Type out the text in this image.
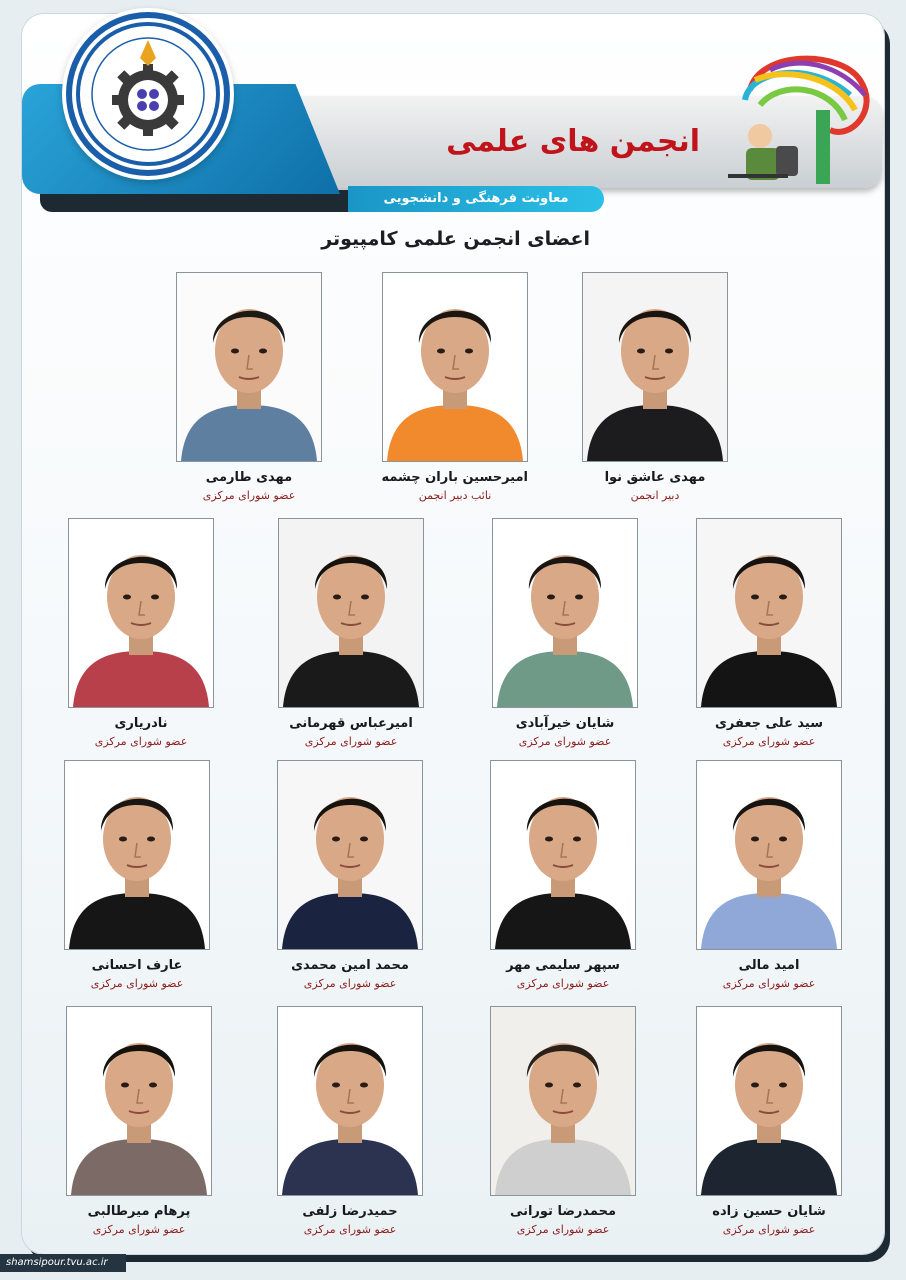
انجمن های علمی
معاونت فرهنگی و دانشجویی
اعضای انجمن علمی کامپیوتر
مهدی عاشق نوا
دبیر انجمن
امیرحسین باران چشمه
نائب دبیر انجمن
مهدی طارمی
عضو شورای مرکزی
سید علی جعفری
عضو شورای مرکزی
شایان خیرآبادی
عضو شورای مرکزی
امیرعباس قهرمانی
عضو شورای مرکزی
نادریاری
عضو شورای مرکزی
امید مالی
عضو شورای مرکزی
سپهر سلیمی مهر
عضو شورای مرکزی
محمد امین محمدی
عضو شورای مرکزی
عارف احسانی
عضو شورای مرکزی
شایان حسین زاده
عضو شورای مرکزی
محمدرضا تورانی
عضو شورای مرکزی
حمیدرضا زلفی
عضو شورای مرکزی
پرهام میرطالبی
عضو شورای مرکزی
shamsipour.tvu.ac.ir
